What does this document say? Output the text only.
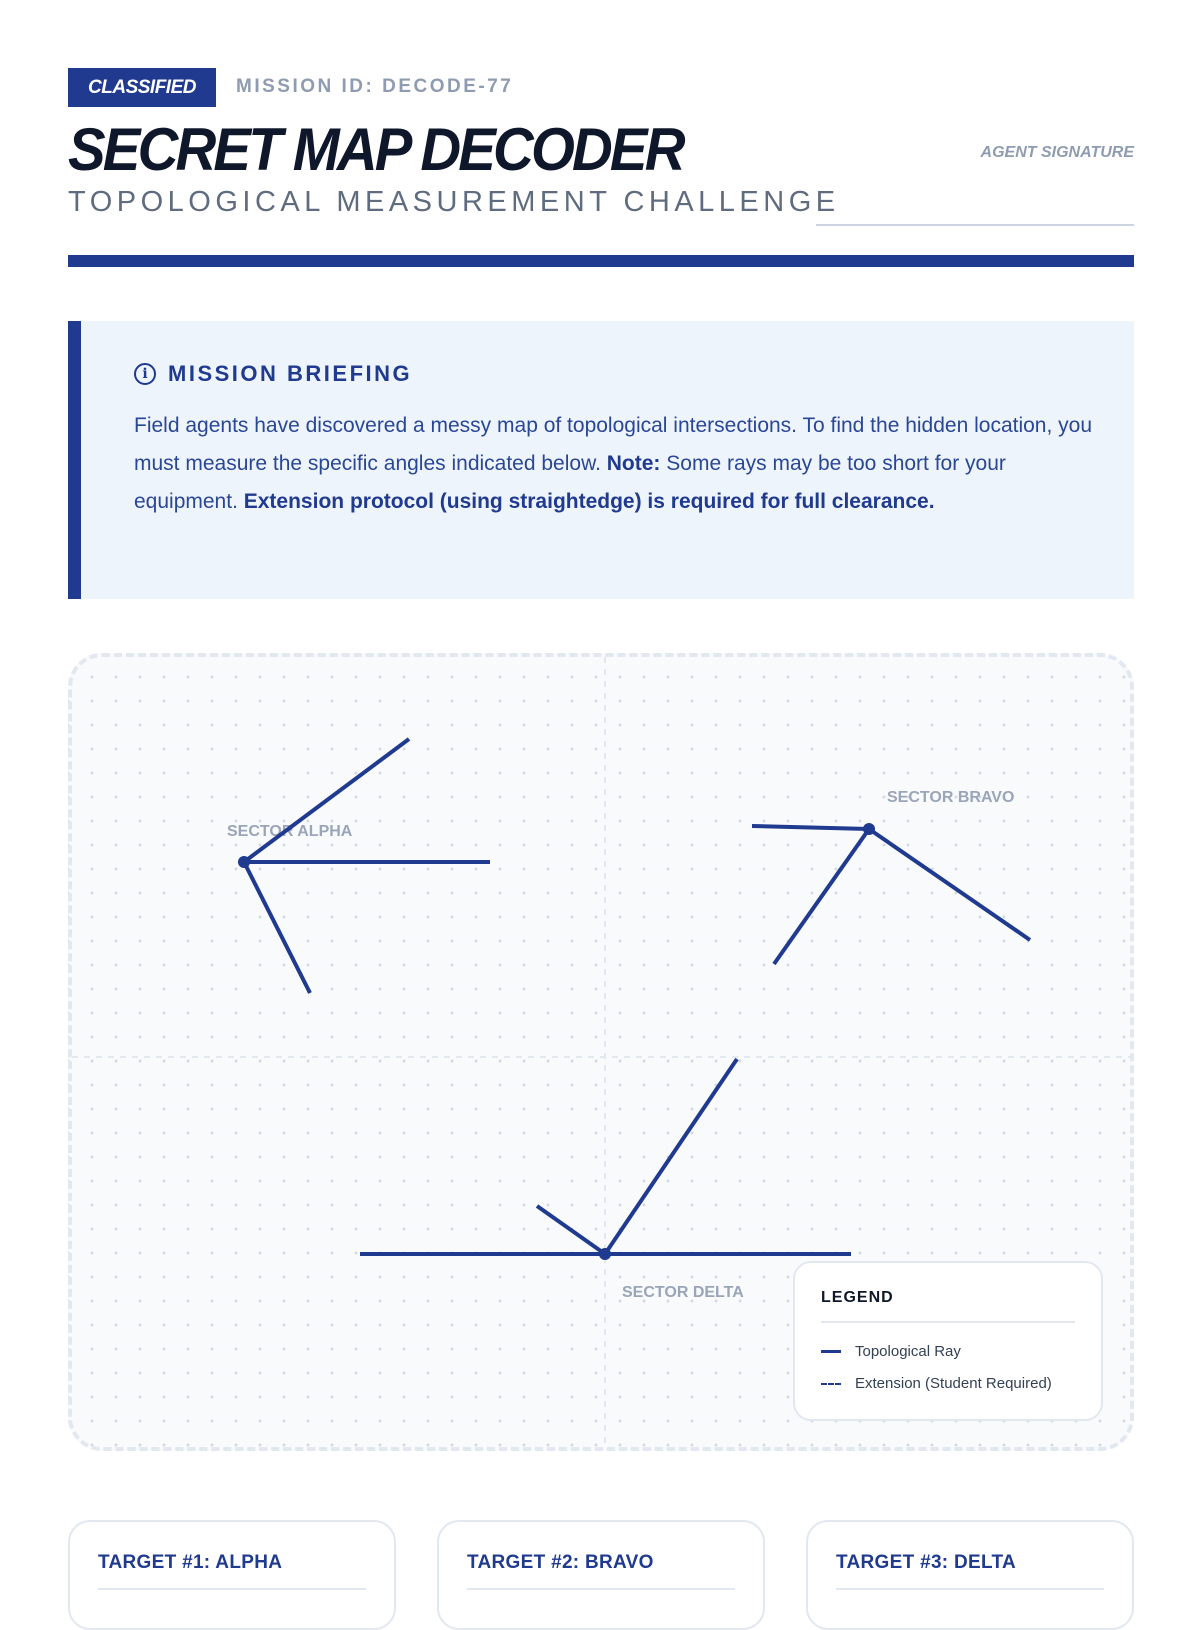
CLASSIFIED	MISSION ID: DECODE-77
SECRET MAP DECODER
TOPOLOGICAL MEASUREMENT CHALLENGE
AGENT SIGNATURE
i MISSION BRIEFING
Field agents have discovered a messy map of topological intersections. To find the hidden location, you must measure the specific angles indicated below. Note: Some rays may be too short for your equipment. Extension protocol (using straightedge) is required for full clearance.
SECTOR ALPHA
SECTOR BRAVO
SECTOR DELTA	LEGEND
Topological Ray
Extension (Student Required)
TARGET #1: ALPHA	TARGET #2: BRAVO	TARGET #3: DELTA
